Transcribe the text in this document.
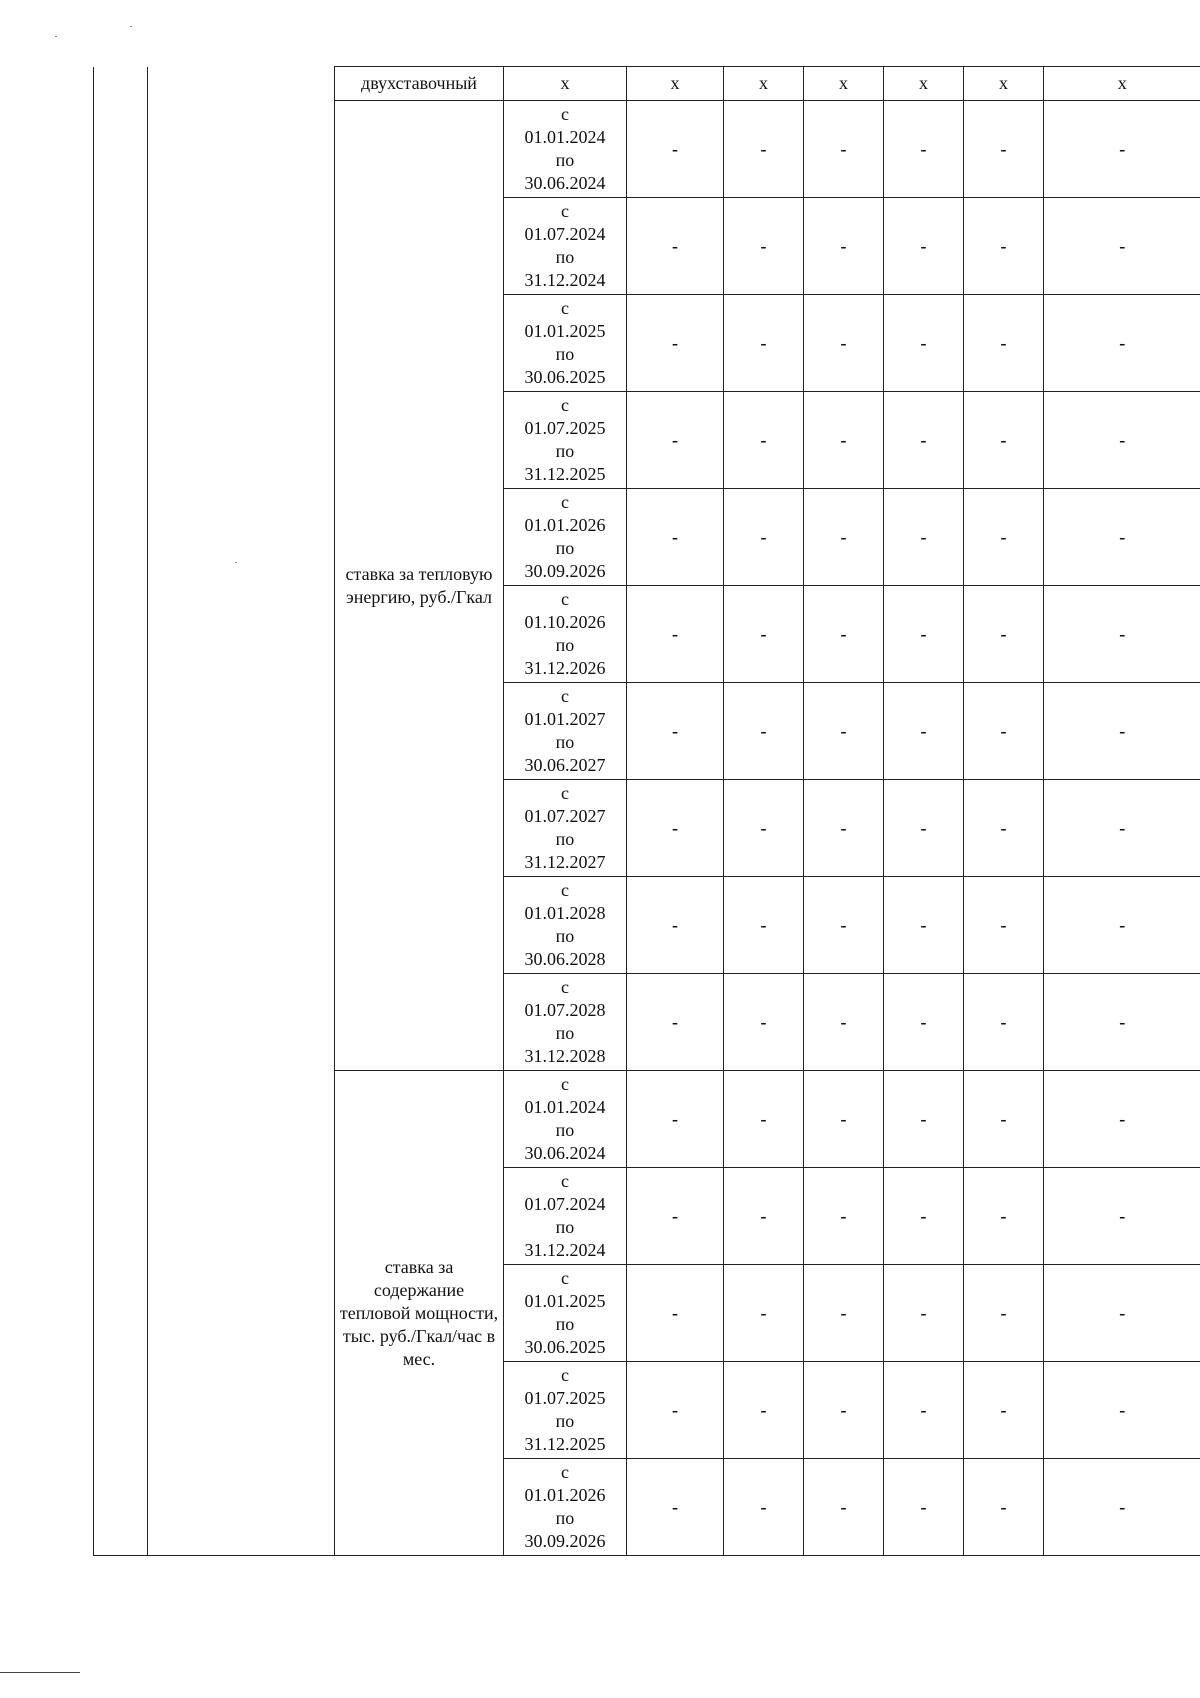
		двухставочный	х	х	х	х	х	х	х

		ставка за тепловую энергию, руб./Гкал	с
01.01.2024
по
30.06.2024	-	-	-	-	-	-

			с
01.07.2024
по
31.12.2024	-	-	-	-	-	-

			с
01.01.2025
по
30.06.2025	-	-	-	-	-	-

			с
01.07.2025
по
31.12.2025	-	-	-	-	-	-

			с
01.01.2026
по
30.09.2026	-	-	-	-	-	-

			с
01.10.2026
по
31.12.2026	-	-	-	-	-	-

			с
01.01.2027
по
30.06.2027	-	-	-	-	-	-

			с
01.07.2027
по
31.12.2027	-	-	-	-	-	-

			с
01.01.2028
по
30.06.2028	-	-	-	-	-	-

			с
01.07.2028
по
31.12.2028	-	-	-	-	-	-

		ставка за содержание тепловой мощности, тыс. руб./Гкал/час в мес.	с
01.01.2024
по
30.06.2024	-	-	-	-	-	-

			с
01.07.2024
по
31.12.2024	-	-	-	-	-	-

			с
01.01.2025
по
30.06.2025	-	-	-	-	-	-

			с
01.07.2025
по
31.12.2025	-	-	-	-	-	-

			с
01.01.2026
по
30.09.2026	-	-	-	-	-	-
